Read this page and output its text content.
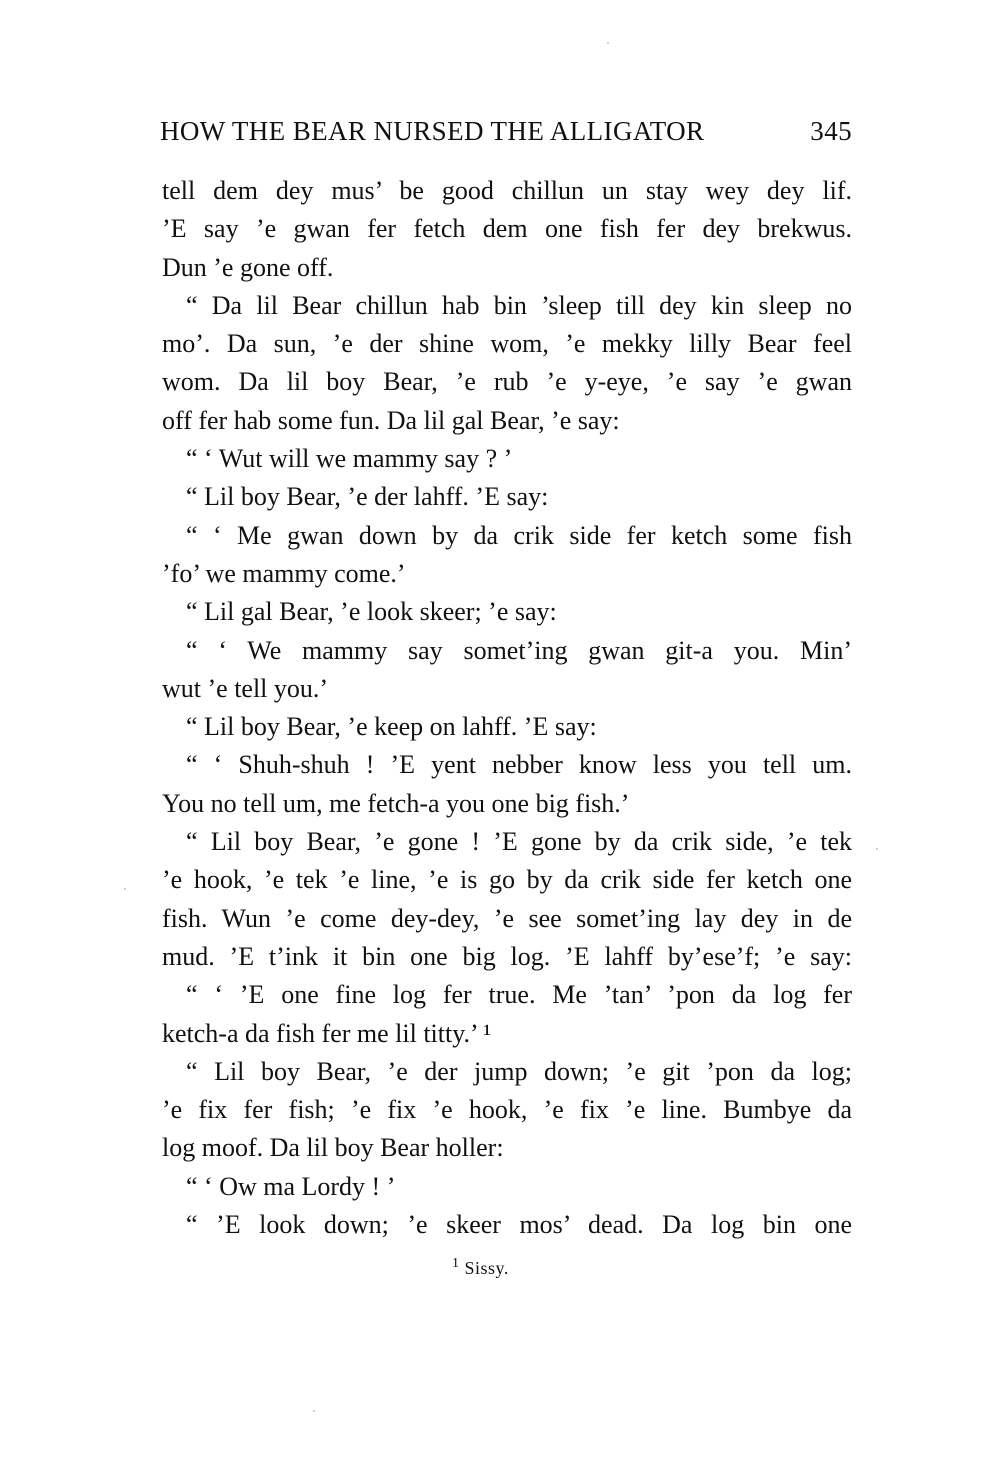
HOW THE BEAR NURSED THE ALLIGATOR	345
tell dem dey mus’ be good chillun un stay wey dey lif.
’E say ’e gwan fer fetch dem one fish fer dey brekwus.
Dun ’e gone off.
“ Da lil Bear chillun hab bin ’sleep till dey kin sleep no
mo’. Da sun, ’e der shine wom, ’e mekky lilly Bear feel
wom. Da lil boy Bear, ’e rub ’e y-eye, ’e say ’e gwan
off fer hab some fun. Da lil gal Bear, ’e say:
“ ‘ Wut will we mammy say ? ’
“ Lil boy Bear, ’e der lahff. ’E say:
“ ‘ Me gwan down by da crik side fer ketch some fish
’fo’ we mammy come.’
“ Lil gal Bear, ’e look skeer; ’e say:
“ ‘ We mammy say somet’ing gwan git-a you. Min’
wut ’e tell you.’
“ Lil boy Bear, ’e keep on lahff. ’E say:
“ ‘ Shuh-shuh ! ’E yent nebber know less you tell um.
You no tell um, me fetch-a you one big fish.’
“ Lil boy Bear, ’e gone ! ’E gone by da crik side, ’e tek
’e hook, ’e tek ’e line, ’e is go by da crik side fer ketch one
fish. Wun ’e come dey-dey, ’e see somet’ing lay dey in de
mud. ’E t’ink it bin one big log. ’E lahff by’ese’f; ’e say:
“ ‘ ’E one fine log fer true. Me ’tan’ ’pon da log fer
ketch-a da fish fer me lil titty.’ ¹
“ Lil boy Bear, ’e der jump down; ’e git ’pon da log;
’e fix fer fish; ’e fix ’e hook, ’e fix ’e line. Bumbye da
log moof. Da lil boy Bear holler:
“ ‘ Ow ma Lordy ! ’
“ ’E look down; ’e skeer mos’ dead. Da log bin one
$^1$ Sissy.
